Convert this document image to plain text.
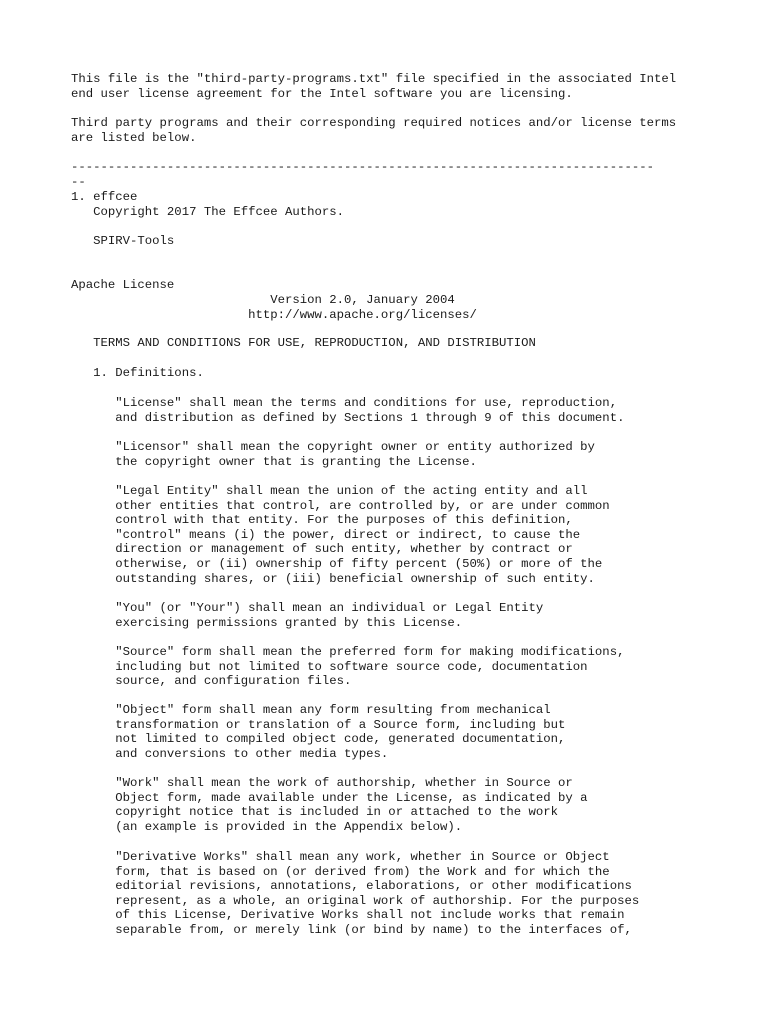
This file is the "third-party-programs.txt" file specified in the associated Intel
end user license agreement for the Intel software you are licensing.
Third party programs and their corresponding required notices and/or license terms
are listed below.
-------------------------------------------------------------------------------
--
1. effcee
Copyright 2017 The Effcee Authors.
SPIRV-Tools
Apache License
Version 2.0, January 2004
http://www.apache.org/licenses/
TERMS AND CONDITIONS FOR USE, REPRODUCTION, AND DISTRIBUTION
1. Definitions.
"License" shall mean the terms and conditions for use, reproduction,
and distribution as defined by Sections 1 through 9 of this document.
"Licensor" shall mean the copyright owner or entity authorized by
the copyright owner that is granting the License.
"Legal Entity" shall mean the union of the acting entity and all
other entities that control, are controlled by, or are under common
control with that entity. For the purposes of this definition,
"control" means (i) the power, direct or indirect, to cause the
direction or management of such entity, whether by contract or
otherwise, or (ii) ownership of fifty percent (50%) or more of the
outstanding shares, or (iii) beneficial ownership of such entity.
"You" (or "Your") shall mean an individual or Legal Entity
exercising permissions granted by this License.
"Source" form shall mean the preferred form for making modifications,
including but not limited to software source code, documentation
source, and configuration files.
"Object" form shall mean any form resulting from mechanical
transformation or translation of a Source form, including but
not limited to compiled object code, generated documentation,
and conversions to other media types.
"Work" shall mean the work of authorship, whether in Source or
Object form, made available under the License, as indicated by a
copyright notice that is included in or attached to the work
(an example is provided in the Appendix below).
"Derivative Works" shall mean any work, whether in Source or Object
form, that is based on (or derived from) the Work and for which the
editorial revisions, annotations, elaborations, or other modifications
represent, as a whole, an original work of authorship. For the purposes
of this License, Derivative Works shall not include works that remain
separable from, or merely link (or bind by name) to the interfaces of,
